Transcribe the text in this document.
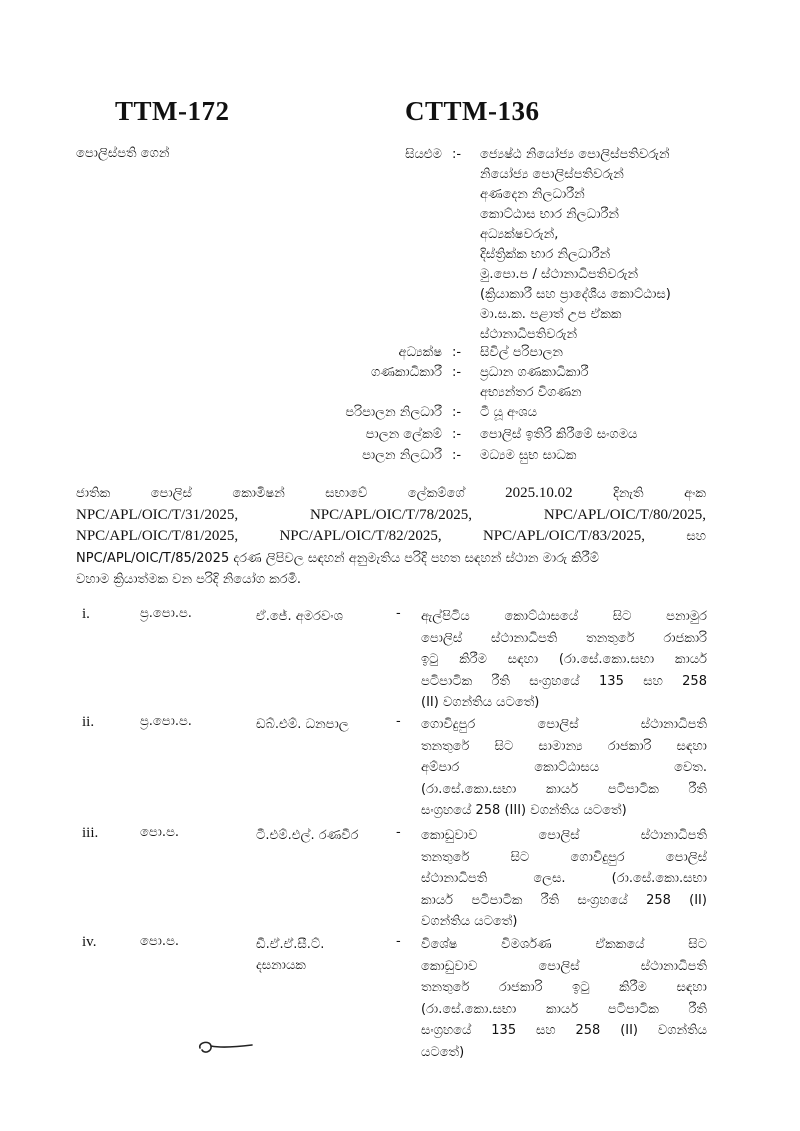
TTM-172	CTTM-136
පොලිස්පති ගෙන්	සියළුම :-	ජ්‍යෙෂ්ඨ නියෝජ්‍ය පොලිස්පතිවරුන්
නියෝජ්‍ය පොලිස්පතිවරුන්
අණදෙන නිලධාරීන්
කොට්ඨාස භාර නිලධාරීන්
අධ්‍යක්ෂවරුන්,
දිස්ත්‍රික්ක භාර නිලධාරීන්
මු.පො.ප / ස්ථානාධිපතිවරුන්
(ක්‍රියාකාරී සහ ප්‍රාදේශීය කොට්ඨාස)
මා.ස.ක. පළාත් උප ඒකක
ස්ථානාධිපතිවරුන්
අධ්‍යක්ෂ :-	සිවිල් පරිපාලන
ගණකාධිකාරී :-	ප්‍රධාන ගණකාධිකාරී
අභ්‍යන්තර විගණන
පරිපාලන නිලධාරී :-	ටී යූ අංශය
පාලන ලේකම් :-	පොලිස් ඉතිරි කිරීමේ සංගමය
පාලන නිලධාරී :-	මධ්‍යම සුභ සාධක
ජාතික	පොලිස්	කොමිෂන්	සභාවේ	ලේකම්ගේ	2025.10.02	දිනැති	අංක
NPC/APL/OIC/T/31/2025,	NPC/APL/OIC/T/78/2025,	NPC/APL/OIC/T/80/2025,
NPC/APL/OIC/T/81/2025,	NPC/APL/OIC/T/82/2025,	NPC/APL/OIC/T/83/2025,	සහ
NPC/APL/OIC/T/85/2025 දරණ ලිපිවල සඳහන් අනුමැතිය පරිදි පහත සඳහන් ස්ථාන මාරු කිරීම්
වහාම ක්‍රියාත්මක වන පරිදි නියෝග කරමි.
i.	ප්‍ර.පො.ප.	ඒ.ජේ. අමරවංශ	- ඇල්පිටිය	කොට්ඨාසයේ	සිට	පනාමුර
පොලිස් ස්ථානාධිපති තනතුරේ රාජකාරි
ඉටු කිරීම සඳහා (රා.සේ.කො.සභා කාර්ය
පටිපාටික රීති සංග්‍රහයේ 135 සහ 258
(II) වගන්තිය යටතේ)
ii.	ප්‍ර.පො.ප.	ඩබ්.එම්. ධනපාල	- ගොවිදුපුර	පොලිස්	ස්ථානාධිපති
තනතුරේ සිට සාමාන්‍ය රාජකාරි සඳහා
අම්පාර	කොට්ඨාසය	වෙත.
(රා.සේ.කො.සභා කාර්ය පටිපාටික රීති
සංග්‍රහයේ 258 (III) වගන්තිය යටතේ)
iii.	පො.ප.	ටී.එම්.එල්. රණවීර	- කොඩුවාව	පොලිස්	ස්ථානාධිපති
තනතුරේ	සිට	ගොවිදුපුර	පොලිස්
ස්ථානාධිපති	ලෙස.	(රා.සේ.කො.සභා
කාර්ය පටිපාටික රීති සංග්‍රහයේ 258 (II)
වගන්තිය යටතේ)
iv.	පො.ප.	ඩී.ඒ.ඒ.සී.ට්.
දසනායක
- විශේෂ	විමර්ශණ	ඒකකයේ	සිට
කොඩුවාව	පොලිස්	ස්ථානාධිපති
තනතුරේ රාජකාරි ඉටු කිරීම සඳහා
(රා.සේ.කො.සභා කාර්ය පටිපාටික රීති
සංග්‍රහයේ 135 සහ 258 (II) වගන්තිය
යටතේ)
